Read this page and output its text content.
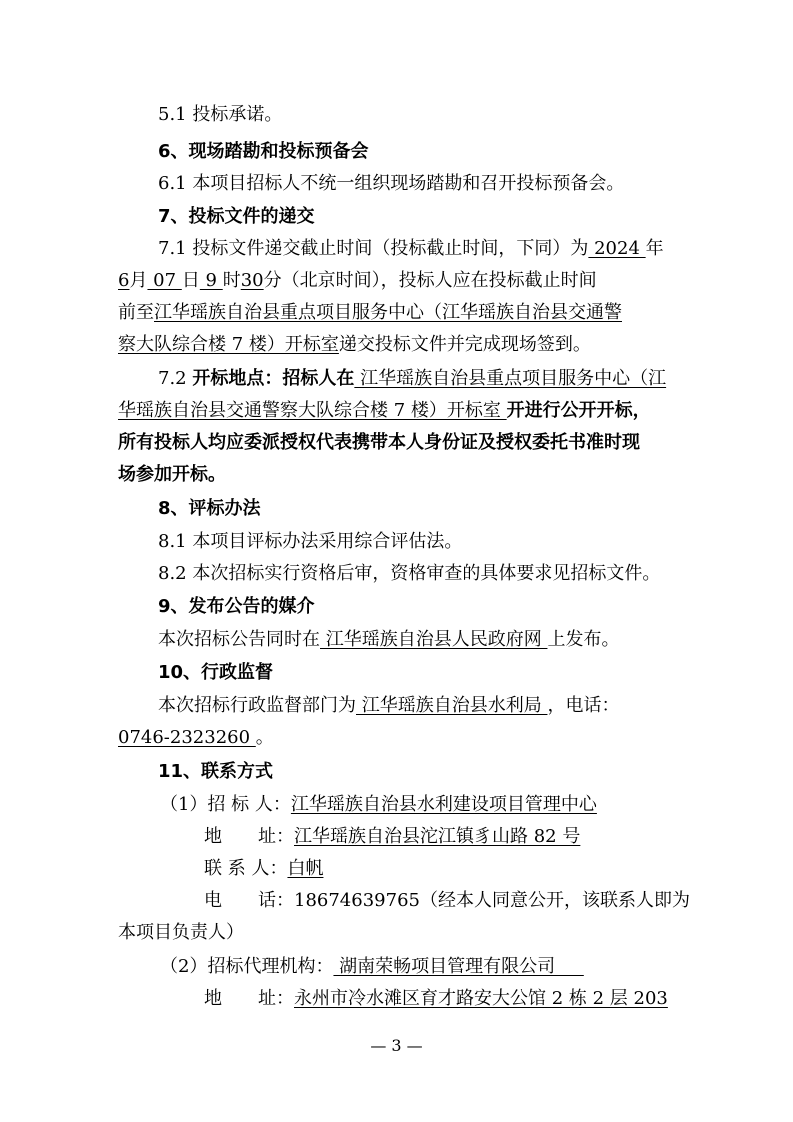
5.1 投标承诺。
6、现场踏勘和投标预备会
6.1 本项目招标人不统一组织现场踏勘和召开投标预备会。
7、投标文件的递交
7.1 投标文件递交截止时间（投标截止时间，下同）为 2024 年
6月 07 日 9 时30分（北京时间），投标人应在投标截止时间
前至江华瑶族自治县重点项目服务中心（江华瑶族自治县交通警
察大队综合楼 7 楼）开标室递交投标文件并完成现场签到。
7.2 开标地点：招标人在 江华瑶族自治县重点项目服务中心（江
华瑶族自治县交通警察大队综合楼 7 楼）开标室 开进行公开开标，
所有投标人均应委派授权代表携带本人身份证及授权委托书准时现
场参加开标。
8、评标办法
8.1 本项目评标办法采用综合评估法。
8.2 本次招标实行资格后审，资格审查的具体要求见招标文件。
9、发布公告的媒介
本次招标公告同时在 江华瑶族自治县人民政府网 上发布。
10、行政监督
本次招标行政监督部门为 江华瑶族自治县水利局 ，电话：
0746-2323260 。
11、联系方式
（1）招 标 人：江华瑶族自治县水利建设项目管理中心
地　　址：江华瑶族自治县沱江镇豸山路 82 号
联 系 人：白帆
电　　话：18674639765（经本人同意公开，该联系人即为
本项目负责人）
（2）招标代理机构： 湖南荣畅项目管理有限公司
地　　址：永州市冷水滩区育才路安大公馆 2 栋 2 层 203
— 3 —
